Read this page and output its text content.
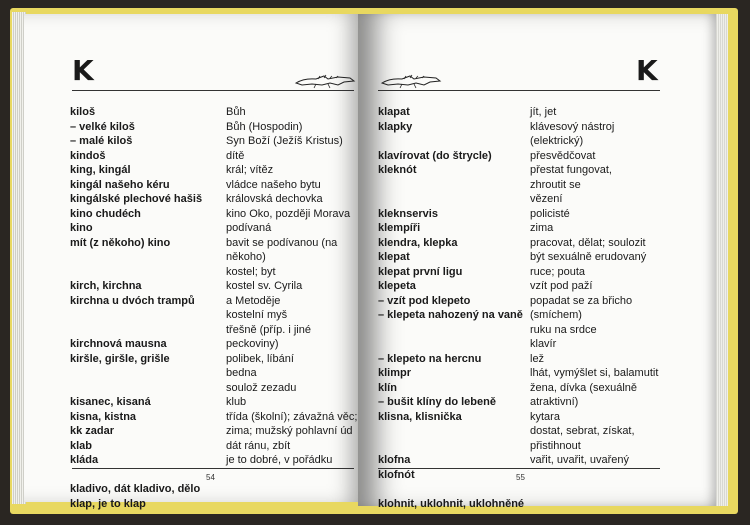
K
kiloš
– velké kiloš
– malé kiloš
kindoš
king, kingál
kingál našeho kéru
kingálské plechové hašiš
kino chudéch
kino
mít (z někoho) kino
kirch, kirchna
kirchna u dvóch trampů
kirchnová mausna
kiršle, giršle, grišle
kisanec, kisaná
kisna, kistna
kk zadar
klab
kláda
kladivo, dát kladivo, dělo
klap, je to klap
Bůh
Bůh (Hospodin)
Syn Boží (Ježíš Kristus)
dítě
král; vítěz
vládce našeho bytu
královská dechovka
kino Oko, později Morava
podívaná
bavit se podívanou (na
někoho)
kostel; byt
kostel sv. Cyrila
a Metoděje
kostelní myš
třešně (příp. i jiné
peckoviny)
polibek, líbání
bedna
soulož zezadu
klub
třída (školní); závažná věc;
zima; mužský pohlavní úd
dát ránu, zbít
je to dobré, v pořádku
54
K
klapat
klapky
klavírovat (do štrycle)
kleknót
kleknservis
klempíři
klendra, klepka
klepat
klepat první ligu
klepeta
– vzít pod klepeto
– klepeta nahozený na vaně
– klepeto na hercnu
klimpr
klín
– bušit klíny do lebeně
klisna, klisnička
klofna
klofnót
klohnit, uklohnit, uklohněné
jít, jet
klávesový nástroj
(elektrický)
přesvědčovat
přestat fungovat,
zhroutit se
vězení
policisté
zima
pracovat, dělat; soulozit
být sexuálně erudovaný
ruce; pouta
vzít pod paží
popadat se za břicho
(smíchem)
ruku na srdce
klavír
lež
lhát, vymýšlet si, balamutit
žena, dívka (sexuálně
atraktivní)
kytara
dostat, sebrat, získat,
přistihnout
vařit, uvařit, uvařený
55
